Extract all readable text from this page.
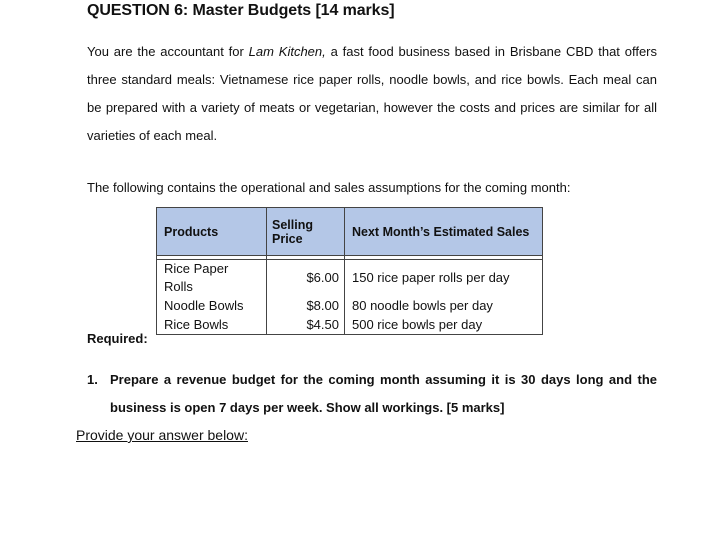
QUESTION 6: Master Budgets [14 marks]
You are the accountant for Lam Kitchen, a fast food business based in Brisbane CBD that offers three standard meals: Vietnamese rice paper rolls, noodle bowls, and rice bowls. Each meal can be prepared with a variety of meats or vegetarian, however the costs and prices are similar for all varieties of each meal.
The following contains the operational and sales assumptions for the coming month:
Products	Selling Price	Next Month’s Estimated Sales

Rice Paper Rolls	$6.00	150 rice paper rolls per day
Noodle Bowls	$8.00	80 noodle bowls per day
Rice Bowls	$4.50	500 rice bowls per day
Required:
1. Prepare a revenue budget for the coming month assuming it is 30 days long and the business is open 7 days per week. Show all workings. [5 marks]
Provide your answer below:
